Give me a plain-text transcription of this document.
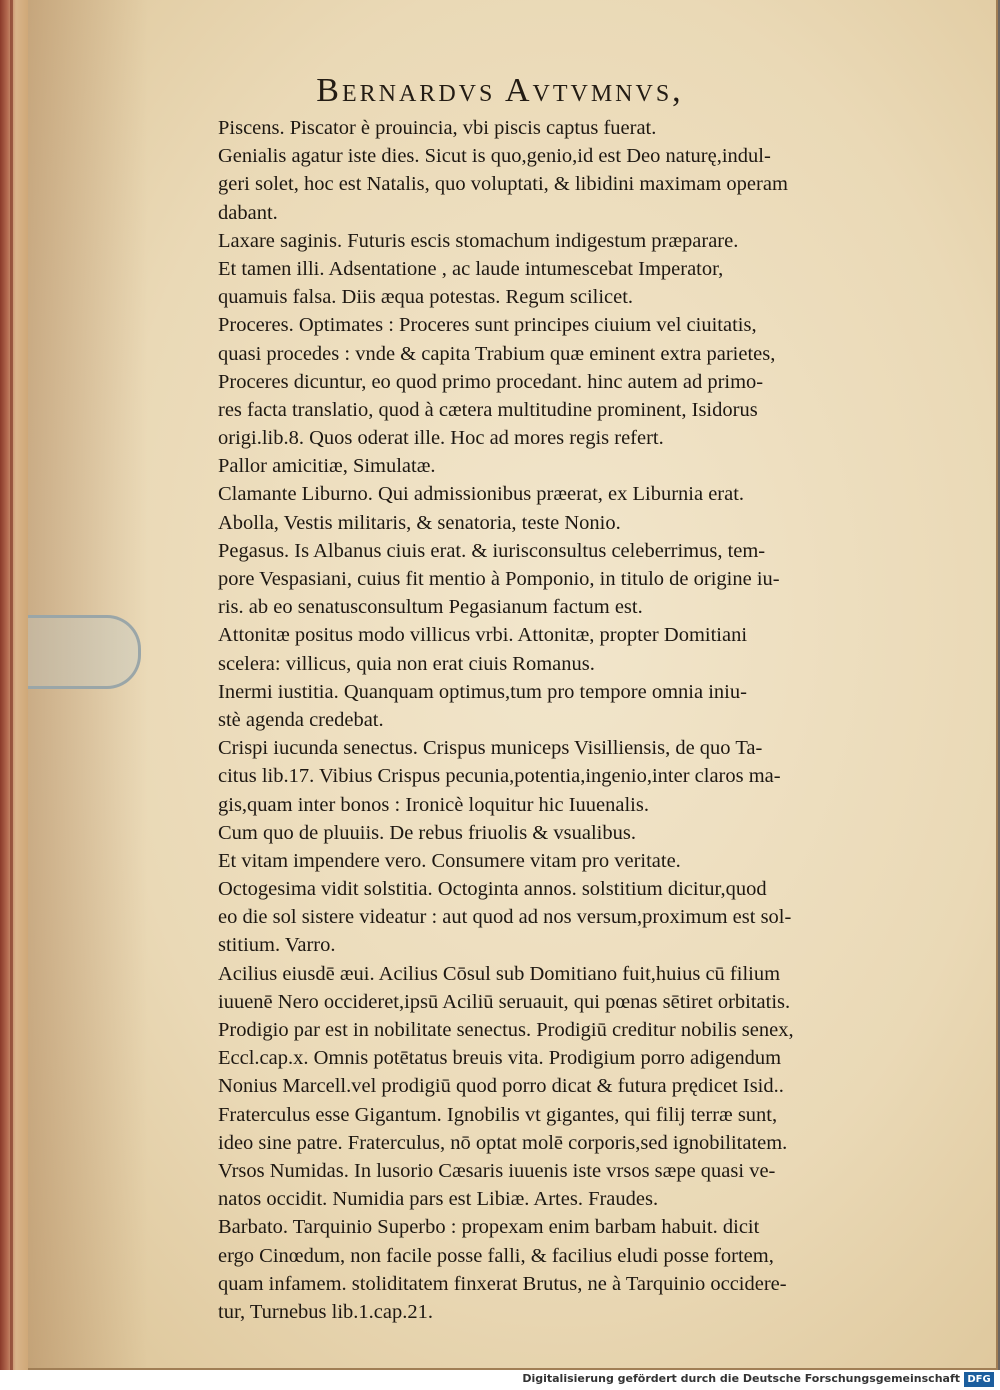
Bernardvs Avtvmnvs,
Piscens. Piscator è prouincia, vbi piscis captus fuerat.
Genialis agatur iste dies. Sicut is quo,genio,id est Deo naturę,indul-
geri solet, hoc est Natalis, quo voluptati, & libidini maximam operam
dabant.
Laxare saginis. Futuris escis stomachum indigestum præparare.
Et tamen illi. Adsentatione , ac laude intumescebat Imperator,
quamuis falsa. Diis æqua potestas. Regum scilicet.
Proceres. Optimates : Proceres sunt principes ciuium vel ciuitatis,
quasi procedes : vnde & capita Trabium quæ eminent extra parietes,
Proceres dicuntur, eo quod primo procedant. hinc autem ad primo-
res facta translatio, quod à cætera multitudine prominent, Isidorus
origi.lib.8. Quos oderat ille. Hoc ad mores regis refert.
Pallor amicitiæ, Simulatæ.
Clamante Liburno. Qui admissionibus præerat, ex Liburnia erat.
Abolla, Vestis militaris, & senatoria, teste Nonio.
Pegasus. Is Albanus ciuis erat. & iurisconsultus celeberrimus, tem-
pore Vespasiani, cuius fit mentio à Pomponio, in titulo de origine iu-
ris. ab eo senatusconsultum Pegasianum factum est.
Attonitæ positus modo villicus vrbi. Attonitæ, propter Domitiani
scelera: villicus, quia non erat ciuis Romanus.
Inermi iustitia. Quanquam optimus,tum pro tempore omnia iniu-
stè agenda credebat.
Crispi iucunda senectus. Crispus municeps Visilliensis, de quo Ta-
citus lib.17. Vibius Crispus pecunia,potentia,ingenio,inter claros ma-
gis,quam inter bonos : Ironicè loquitur hic Iuuenalis.
Cum quo de pluuiis. De rebus friuolis & vsualibus.
Et vitam impendere vero. Consumere vitam pro veritate.
Octogesima vidit solstitia. Octoginta annos. solstitium dicitur,quod
eo die sol sistere videatur : aut quod ad nos versum,proximum est sol-
stitium. Varro.
Acilius eiusdē æui. Acilius Cōsul sub Domitiano fuit,huius cū filium
iuuenē Nero occideret,ipsū Aciliū seruauit, qui pœnas sētiret orbitatis.
Prodigio par est in nobilitate senectus. Prodigiū creditur nobilis senex,
Eccl.cap.x. Omnis potētatus breuis vita. Prodigium porro adigendum
Nonius Marcell.vel prodigiū quod porro dicat & futura prędicet Isid..
Fraterculus esse Gigantum. Ignobilis vt gigantes, qui filij terræ sunt,
ideo sine patre. Fraterculus, nō optat molē corporis,sed ignobilitatem.
Vrsos Numidas. In lusorio Cæsaris iuuenis iste vrsos sæpe quasi ve-
natos occidit. Numidia pars est Libiæ. Artes. Fraudes.
Barbato. Tarquinio Superbo : propexam enim barbam habuit. dicit
ergo Cinœdum, non facile posse falli, & facilius eludi posse fortem,
quam infamem. stoliditatem finxerat Brutus, ne à Tarquinio occidere-
tur, Turnebus lib.1.cap.21.
Digitalisierung gefördert durch die Deutsche Forschungsgemeinschaft DFG
